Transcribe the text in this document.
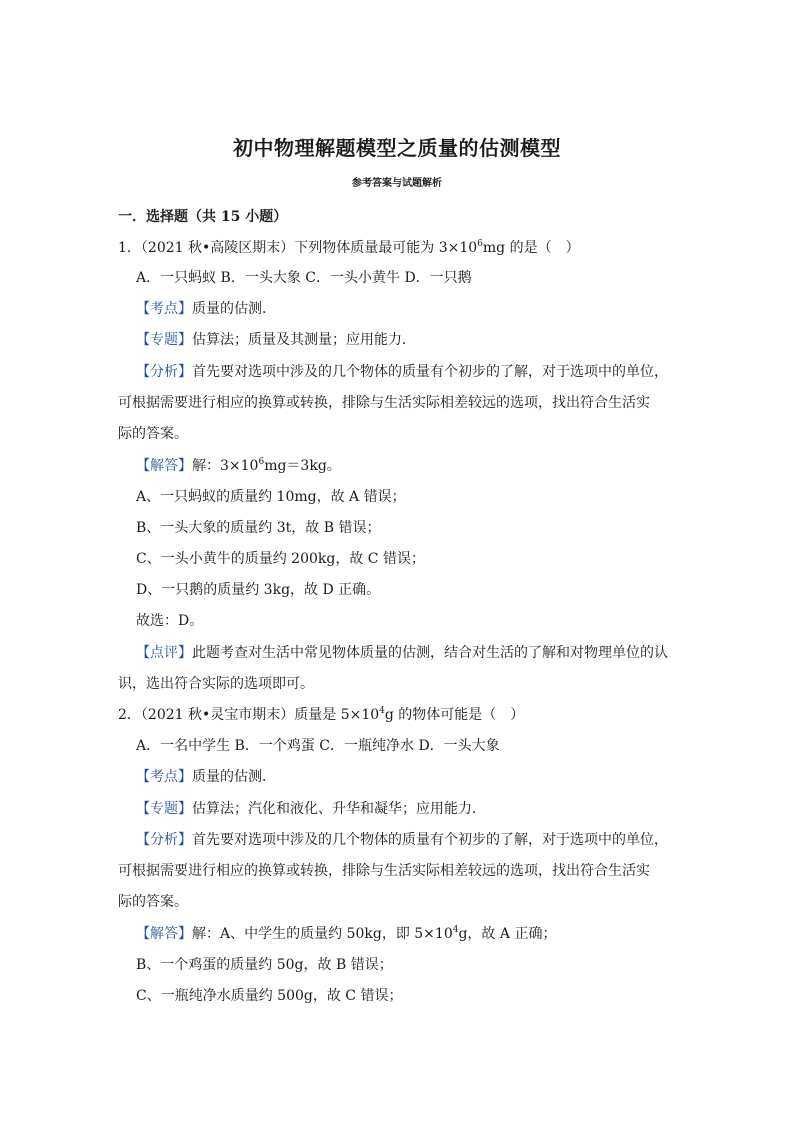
初中物理解题模型之质量的估测模型
参考答案与试题解析
一．选择题（共 15 小题）
1．（2021 秋•高陵区期末）下列物体质量最可能为 $3\times 10^6mg$ 的是（　）
A．一只蚂蚁 B．一头大象 C．一头小黄牛 D．一只鹅
【考点】质量的估测．
【专题】估算法；质量及其测量；应用能力．
【分析】首先要对选项中涉及的几个物体的质量有个初步的了解，对于选项中的单位，
可根据需要进行相应的换算或转换，排除与生活实际相差较远的选项，找出符合生活实
际的答案。
【解答】解：$3\times 10^6mg=3kg$。
A、一只蚂蚁的质量约 10mg，故 A 错误；
B、一头大象的质量约 3t，故 B 错误；
C、一头小黄牛的质量约 200kg，故 C 错误；
D、一只鹅的质量约 3kg，故 D 正确。
故选：D。
【点评】此题考查对生活中常见物体质量的估测，结合对生活的了解和对物理单位的认
识，选出符合实际的选项即可。
2．（2021 秋•灵宝市期末）质量是 $5\times 10^4g$ 的物体可能是（　）
A．一名中学生 B．一个鸡蛋 C．一瓶纯净水 D．一头大象
【考点】质量的估测．
【专题】估算法；汽化和液化、升华和凝华；应用能力．
【分析】首先要对选项中涉及的几个物体的质量有个初步的了解，对于选项中的单位，
可根据需要进行相应的换算或转换，排除与生活实际相差较远的选项，找出符合生活实
际的答案。
【解答】解：A、中学生的质量约 50kg，即 $5\times 10^4g$，故 A 正确；
B、一个鸡蛋的质量约 50g，故 B 错误；
C、一瓶纯净水质量约 500g，故 C 错误；
